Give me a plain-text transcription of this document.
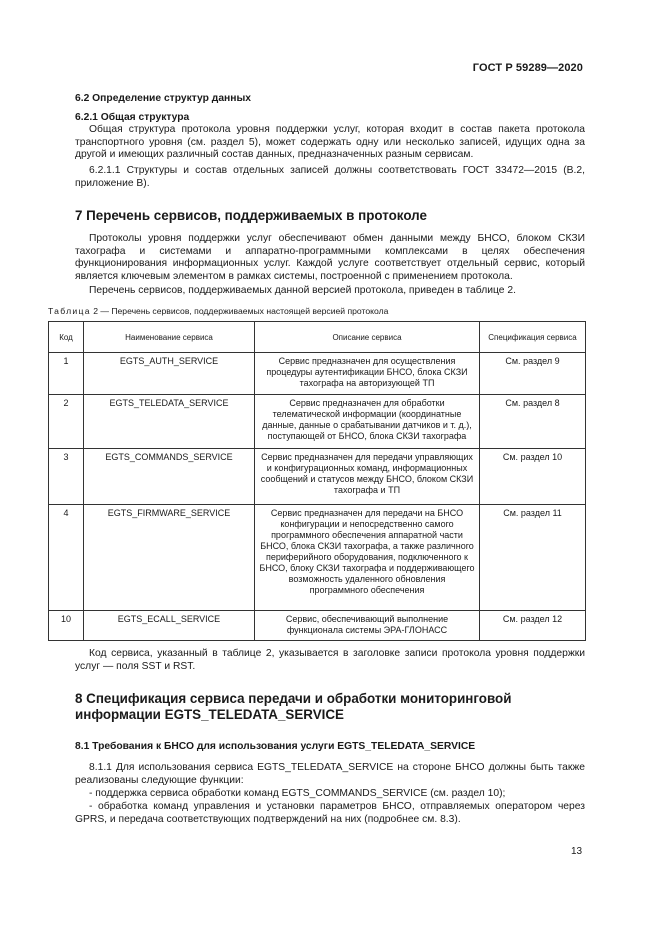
ГОСТ Р 59289—2020

6.2 Определение структур данных

6.2.1 Общая структура

Общая структура протокола уровня поддержки услуг, которая входит в состав пакета протокола транспортного уровня (см. раздел 5), может содержать одну или несколько записей, идущих одна за другой и имеющих различный состав данных, предназначенных разным сервисам.

6.2.1.1 Структуры и состав отдельных записей должны соответствовать ГОСТ 33472—2015 (В.2, приложение В).

7 Перечень сервисов, поддерживаемых в протоколе

Протоколы уровня поддержки услуг обеспечивают обмен данными между БНСО, блоком СКЗИ тахографа и системами и аппаратно-программными комплексами в целях обеспечения функционирования информационных услуг. Каждой услуге соответствует отдельный сервис, который является ключевым элементом в рамках системы, построенной с применением протокола.

Перечень сервисов, поддерживаемых данной версией протокола, приведен в таблице 2.

Таблица 2 — Перечень сервисов, поддерживаемых настоящей версией протокола

Код	Наименование сервиса	Описание сервиса	Спецификация сервиса
1	EGTS_AUTH_SERVICE	Сервис предназначен для осуществления процедуры аутентификации БНСО, блока СКЗИ тахографа на авторизующей ТП	См. раздел 9
2	EGTS_TELEDATA_SERVICE	Сервис предназначен для обработки телематической информации (координатные данные, данные о срабатывании датчиков и т. д.), поступающей от БНСО, блока СКЗИ тахографа	См. раздел 8
3	EGTS_COMMANDS_SERVICE	Сервис предназначен для передачи управляющих и конфигурационных команд, информационных сообщений и статусов между БНСО, блоком СКЗИ тахографа и ТП	См. раздел 10
4	EGTS_FIRMWARE_SERVICE	Сервис предназначен для передачи на БНСО конфигурации и непосредственно самого программного обеспечения аппаратной части БНСО, блока СКЗИ тахографа, а также различного периферийного оборудования, подключенного к БНСО, блоку СКЗИ тахографа и поддерживающего возможность удаленного обновления программного обеспечения	См. раздел 11
10	EGTS_ECALL_SERVICE	Сервис, обеспечивающий выполнение функционала системы ЭРА-ГЛОНАСС	См. раздел 12

Код сервиса, указанный в таблице 2, указывается в заголовке записи протокола уровня поддержки услуг — поля SST и RST.

8 Спецификация сервиса передачи и обработки мониторинговой информации EGTS_TELEDATA_SERVICE

8.1 Требования к БНСО для использования услуги EGTS_TELEDATA_SERVICE

8.1.1 Для использования сервиса EGTS_TELEDATA_SERVICE на стороне БНСО должны быть также реализованы следующие функции:

- поддержка сервиса обработки команд EGTS_COMMANDS_SERVICE (см. раздел 10);

- обработка команд управления и установки параметров БНСО, отправляемых оператором через GPRS, и передача соответствующих подтверждений на них (подробнее см. 8.3).

13
